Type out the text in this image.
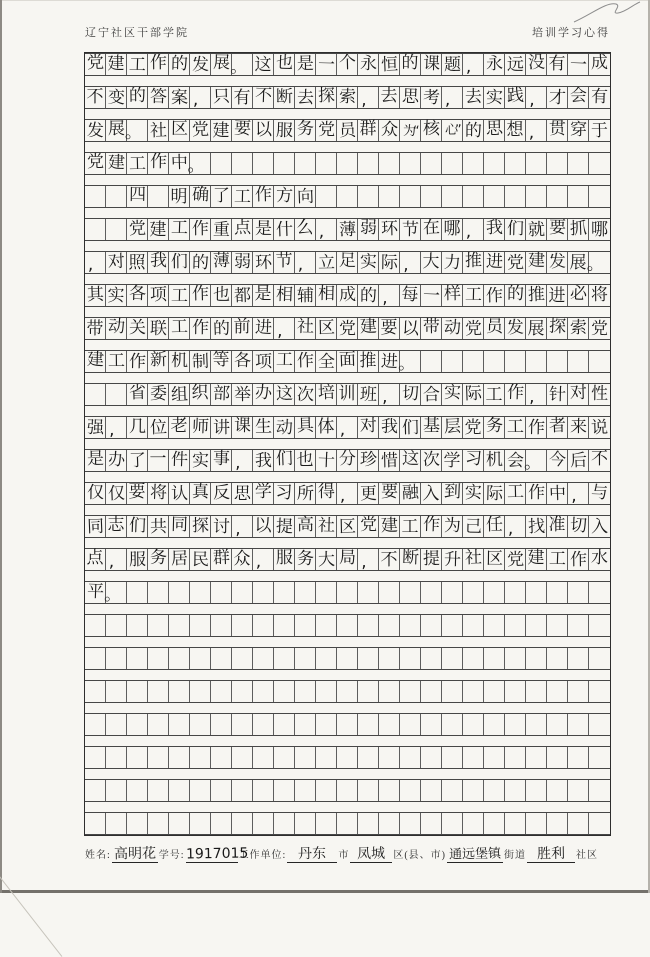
辽宁社区干部学院	培训学习心得
党 建 工 作 的 发 展 。 这 也 是 一 个 永 恒 的 课 题 , 永 远 没 有 一 成
不 变 的 答 案 , 只 有 不 断 去 探 索 , 去 思 考 , 去 实 践 , 才 会 有
发 展 。 社 区 党 建 要 以 服 务 党 员 群 众 为“ 核 心” 的 思 想 , 贯 穿 于
党 建 工 作 中 。
四 明 确 了 工 作 方 向
党 建 工 作 重 点 是 什 么 , 薄 弱 环 节 在 哪 , 我 们 就 要 抓 哪
, 对 照 我 们 的 薄 弱 环 节 , 立 足 实 际 , 大 力 推 进 党 建 发 展 。
其 实 各 项 工 作 也 都 是 相 辅 相 成 的 , 每 一 样 工 作 的 推 进 必 将
带 动 关 联 工 作 的 前 进 , 社 区 党 建 要 以 带 动 党 员 发 展 探 索 党
建 工 作 新 机 制 等 各 项 工 作 全 面 推 进 。
省 委 组 织 部 举 办 这 次 培 训 班 , 切 合 实 际 工 作 , 针 对 性
强 , 几 位 老 师 讲 课 生 动 具 体 , 对 我 们 基 层 党 务 工 作 者 来 说
是 办 了 一 件 实 事 , 我 们 也 十 分 珍 惜 这 次 学 习 机 会 。 今 后 不
仅 仅 要 将 认 真 反 思 学 习 所 得 , 更 要 融 入 到 实 际 工 作 中 , 与
同 志 们 共 同 探 讨 , 以 提 高 社 区 党 建 工 作 为 己 任 , 找 准 切 入
点 , 服 务 居 民 群 众 , 服 务 大 局 , 不 断 提 升 社 区 党 建 工 作 水
平 。
姓名: 高明花 学号: 1917015
工作单位: 丹东	市 凤城 区(县、市) 通远堡镇 街道 胜利	社区
